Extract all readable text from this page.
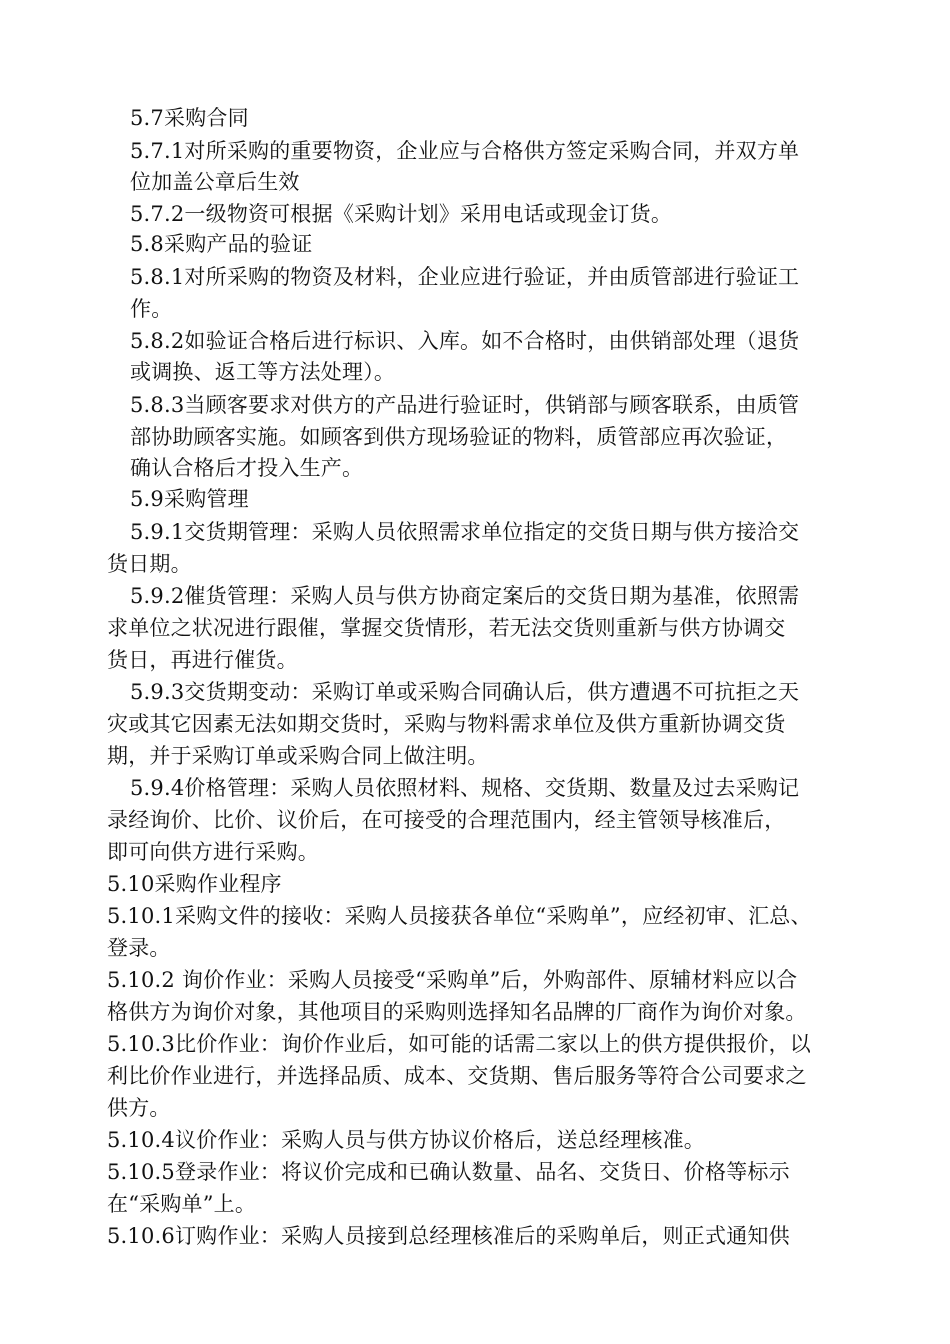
5.7采购合同
5.7.1对所采购的重要物资，企业应与合格供方签定采购合同，并双方单
位加盖公章后生效
5.7.2一级物资可根据《采购计划》采用电话或现金订货。
5.8采购产品的验证
5.8.1对所采购的物资及材料，企业应进行验证，并由质管部进行验证工
作。
5.8.2如验证合格后进行标识、入库。如不合格时，由供销部处理（退货
或调换、返工等方法处理）。
5.8.3当顾客要求对供方的产品进行验证时，供销部与顾客联系，由质管
部协助顾客实施。如顾客到供方现场验证的物料，质管部应再次验证，
确认合格后才投入生产。
5.9采购管理
5.9.1交货期管理：采购人员依照需求单位指定的交货日期与供方接洽交
货日期。
5.9.2催货管理：采购人员与供方协商定案后的交货日期为基准，依照需
求单位之状况进行跟催，掌握交货情形，若无法交货则重新与供方协调交
货日，再进行催货。
5.9.3交货期变动：采购订单或采购合同确认后，供方遭遇不可抗拒之天
灾或其它因素无法如期交货时，采购与物料需求单位及供方重新协调交货
期，并于采购订单或采购合同上做注明。
5.9.4价格管理：采购人员依照材料、规格、交货期、数量及过去采购记
录经询价、比价、议价后，在可接受的合理范围内，经主管领导核准后，
即可向供方进行采购。
5.10采购作业程序
5.10.1采购文件的接收：采购人员接获各单位“采购单”，应经初审、汇总、
登录。
5.10.2 询价作业：采购人员接受“采购单”后，外购部件、原辅材料应以合
格供方为询价对象，其他项目的采购则选择知名品牌的厂商作为询价对象。
5.10.3比价作业：询价作业后，如可能的话需二家以上的供方提供报价，以
利比价作业进行，并选择品质、成本、交货期、售后服务等符合公司要求之
供方。
5.10.4议价作业：采购人员与供方协议价格后，送总经理核准。
5.10.5登录作业：将议价完成和已确认数量、品名、交货日、价格等标示
在“采购单”上。
5.10.6订购作业：采购人员接到总经理核准后的采购单后，则正式通知供
